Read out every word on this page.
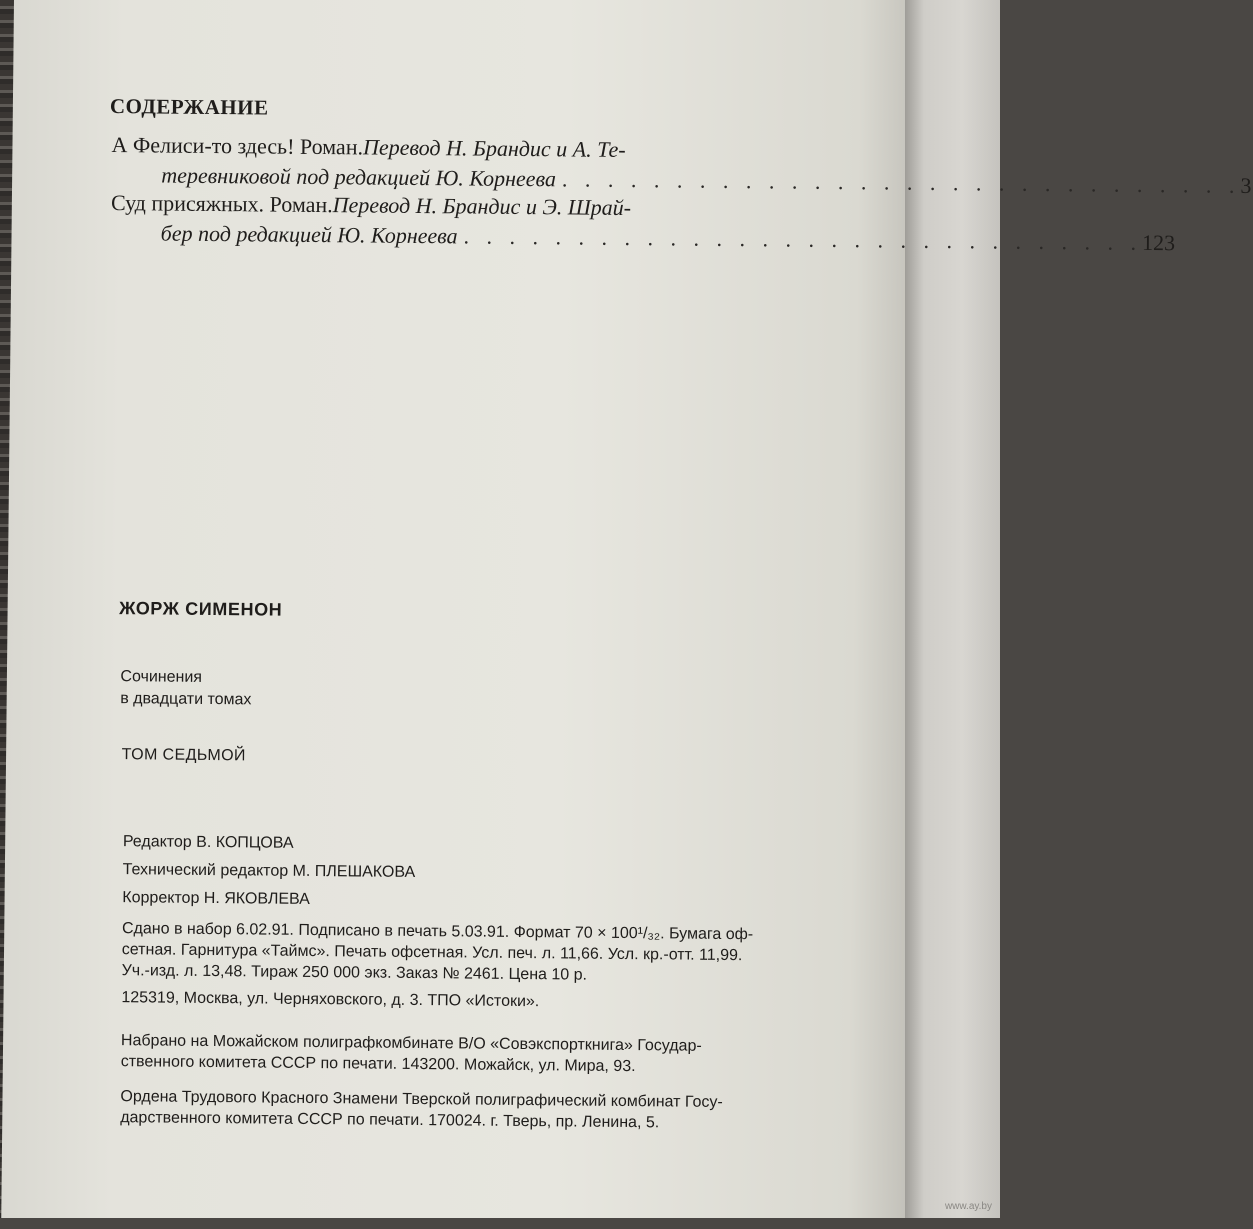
СОДЕРЖАНИЕ
А Фелиси-то здесь! Роман. Перевод Н. Брандис и А. Те-
теревниковой под редакцией Ю. Корнеева . . . . . . . . . . . . . . . . . . . . . . . . . . . . . . 3
Суд присяжных. Роман. Перевод Н. Брандис и Э. Шрай-
бер под редакцией Ю. Корнеева . . . . . . . . . . . . . . . . . . . . . . . . . . . . . . 123
ЖОРЖ СИМЕНОН
Сочинения
в двадцати томах
ТОМ СЕДЬМОЙ
Редактор В. КОПЦОВА
Технический редактор М. ПЛЕШАКОВА
Корректор Н. ЯКОВЛЕВА
Сдано в набор 6.02.91. Подписано в печать 5.03.91. Формат 70 × 100¹/₃₂. Бумага оф-
сетная. Гарнитура «Таймс». Печать офсетная. Усл. печ. л. 11,66. Усл. кр.-отт. 11,99.
Уч.-изд. л. 13,48. Тираж 250 000 экз. Заказ № 2461. Цена 10 р.
125319, Москва, ул. Черняховского, д. 3. ТПО «Истоки».
Набрано на Можайском полиграфкомбинате В/О «Совэкспорткнига» Государ-
ственного комитета СССР по печати. 143200. Можайск, ул. Мира, 93.
Ордена Трудового Красного Знамени Тверской полиграфический комбинат Госу-
дарственного комитета СССР по печати. 170024. г. Тверь, пр. Ленина, 5.
www.ay.by
